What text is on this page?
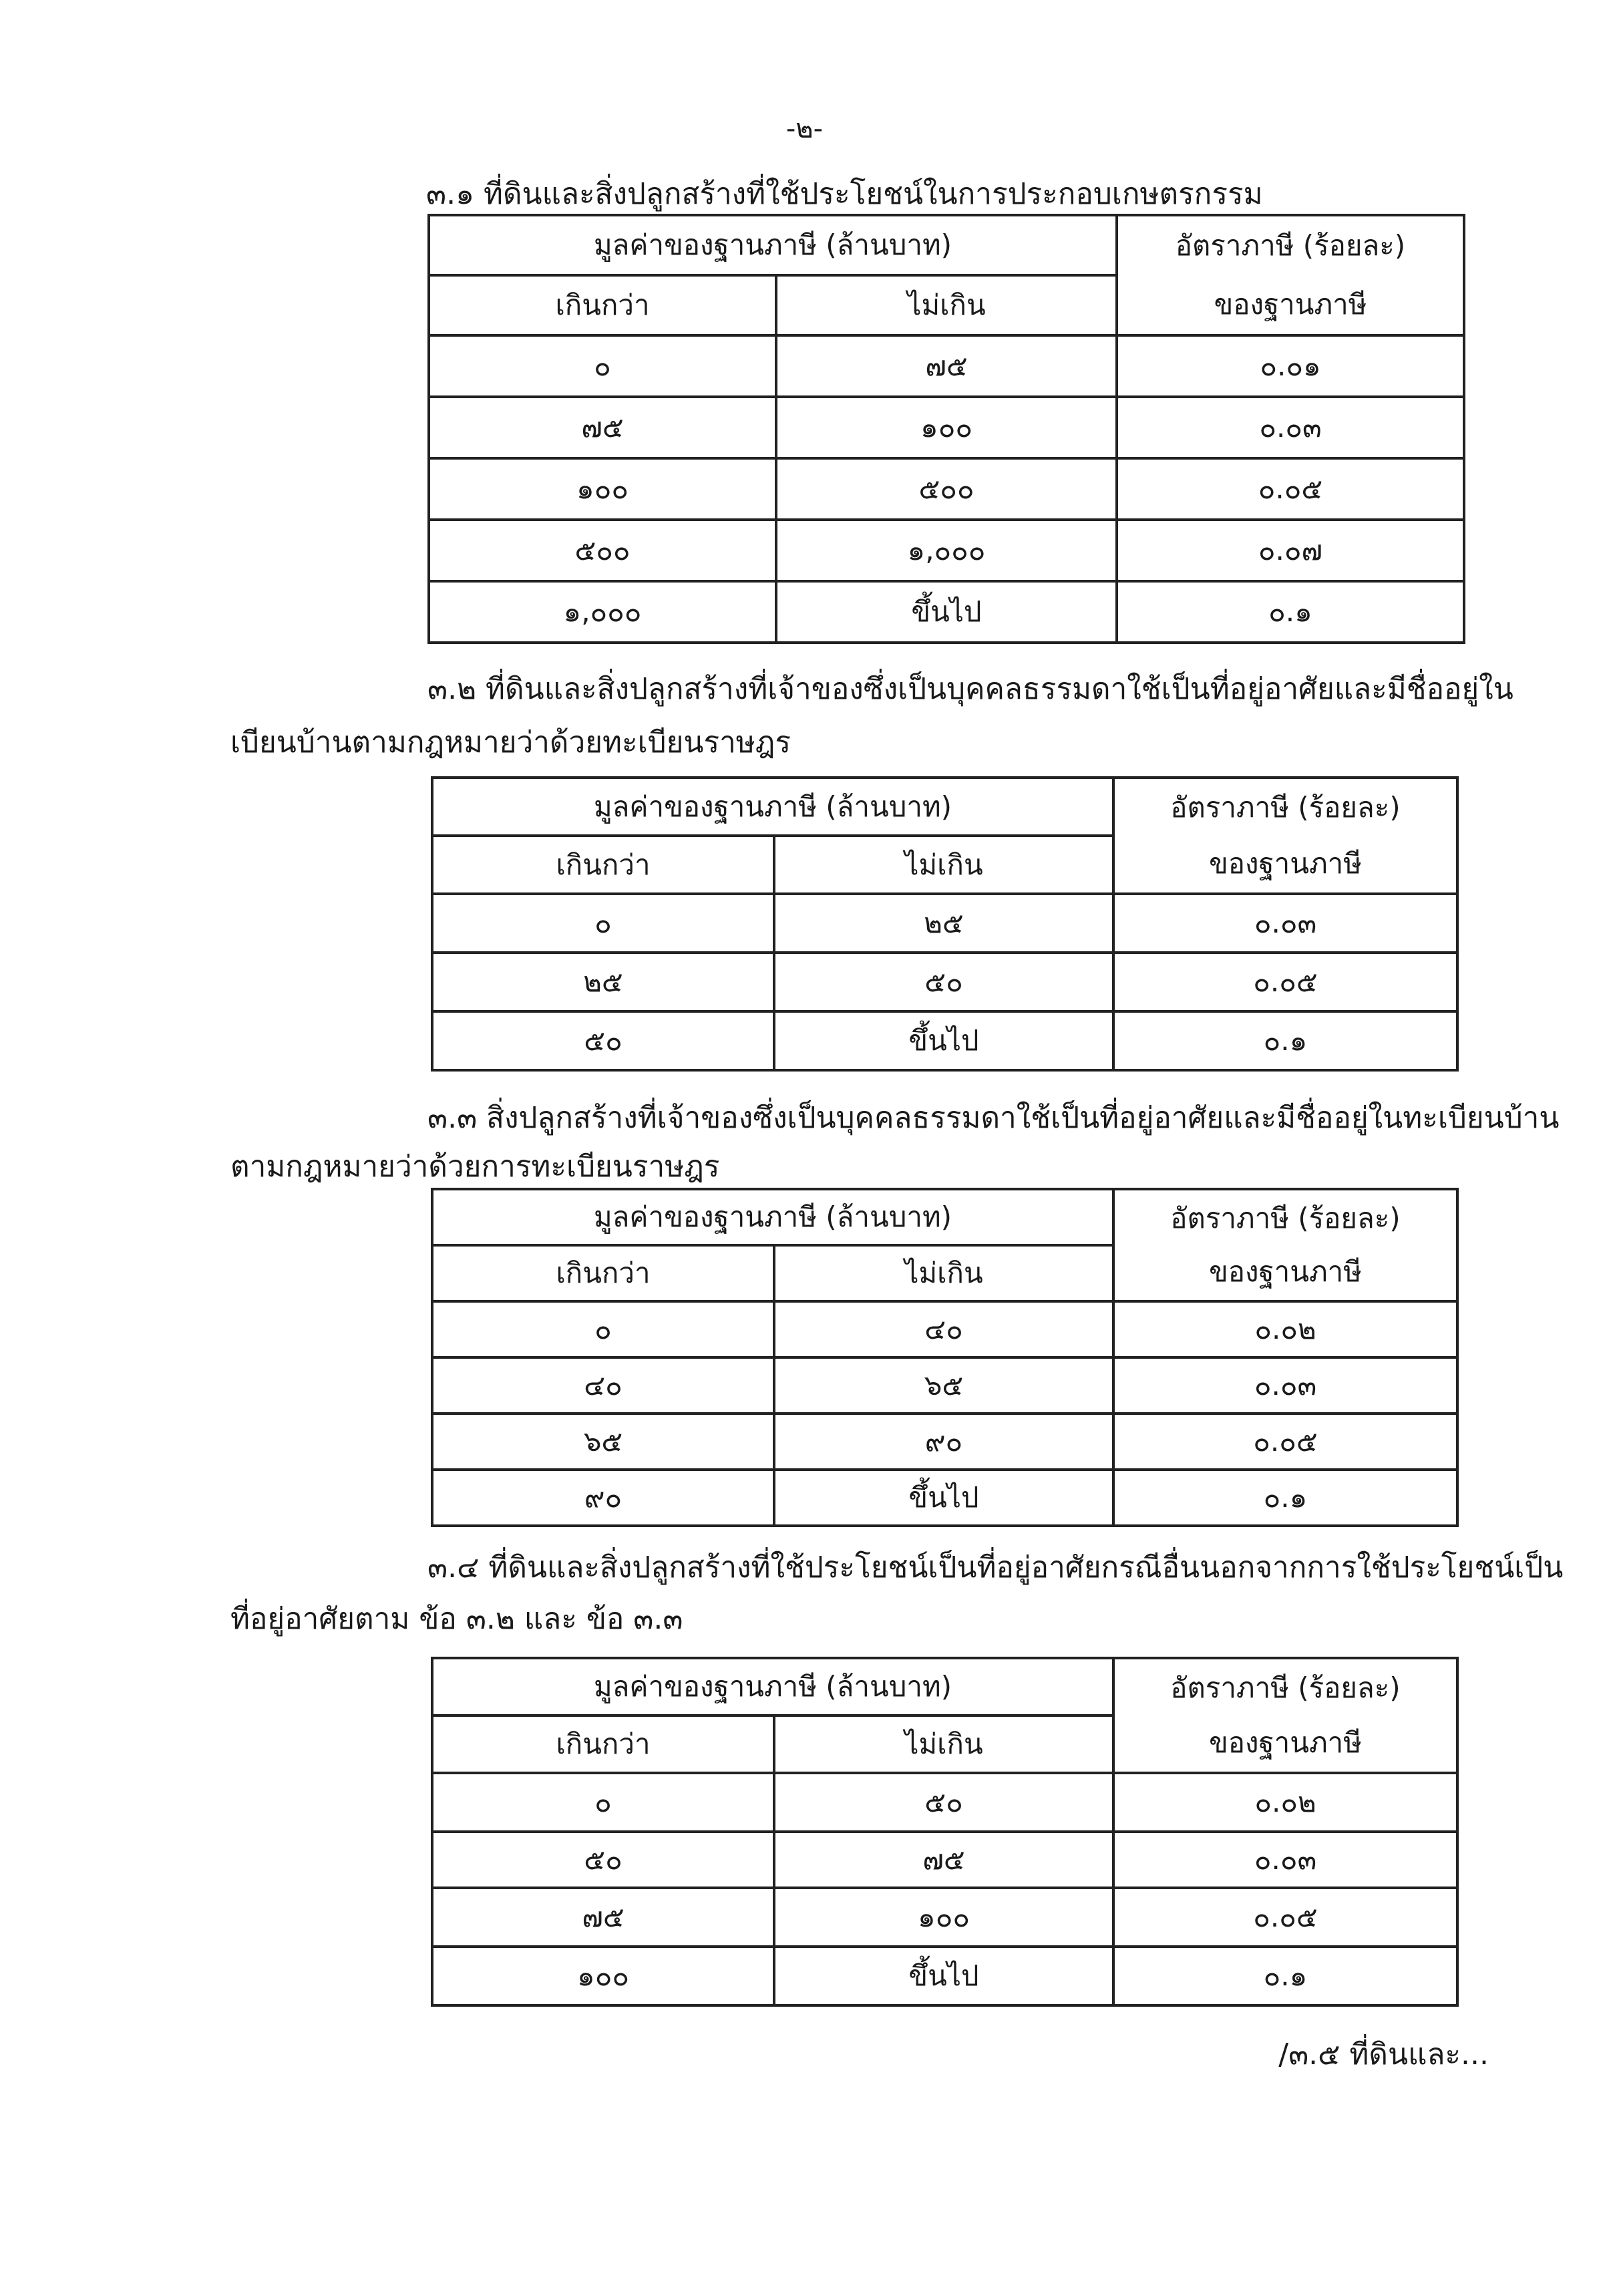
-๒-
๓.๑ ที่ดินและสิ่งปลูกสร้างที่ใช้ประโยชน์ในการประกอบเกษตรกรรม
มูลค่าของฐานภาษี (ล้านบาท)		อัตราภาษี (ร้อยละ)
ของฐานภาษี

เกินกว่า	ไม่เกิน	
๐	๗๕	๐.๐๑
๗๕	๑๐๐	๐.๐๓
๑๐๐	๕๐๐	๐.๐๕
๕๐๐	๑,๐๐๐	๐.๐๗
๑,๐๐๐	ขึ้นไป	๐.๑
๓.๒ ที่ดินและสิ่งปลูกสร้างที่เจ้าของซึ่งเป็นบุคคลธรรมดาใช้เป็นที่อยู่อาศัยและมีชื่ออยู่ใน
เบียนบ้านตามกฎหมายว่าด้วยทะเบียนราษฎร
มูลค่าของฐานภาษี (ล้านบาท)		อัตราภาษี (ร้อยละ)
ของฐานภาษี

เกินกว่า	ไม่เกิน	
๐	๒๕	๐.๐๓
๒๕	๕๐	๐.๐๕
๕๐	ขึ้นไป	๐.๑
๓.๓ สิ่งปลูกสร้างที่เจ้าของซึ่งเป็นบุคคลธรรมดาใช้เป็นที่อยู่อาศัยและมีชื่ออยู่ในทะเบียนบ้าน
ตามกฎหมายว่าด้วยการทะเบียนราษฎร
มูลค่าของฐานภาษี (ล้านบาท)		อัตราภาษี (ร้อยละ)
ของฐานภาษี

เกินกว่า	ไม่เกิน	
๐	๔๐	๐.๐๒
๔๐	๖๕	๐.๐๓
๖๕	๙๐	๐.๐๕
๙๐	ขึ้นไป	๐.๑
๓.๔ ที่ดินและสิ่งปลูกสร้างที่ใช้ประโยชน์เป็นที่อยู่อาศัยกรณีอื่นนอกจากการใช้ประโยชน์เป็น
ที่อยู่อาศัยตาม ข้อ ๓.๒ และ ข้อ ๓.๓
มูลค่าของฐานภาษี (ล้านบาท)		อัตราภาษี (ร้อยละ)
ของฐานภาษี

เกินกว่า	ไม่เกิน	
๐	๕๐	๐.๐๒
๕๐	๗๕	๐.๐๓
๗๕	๑๐๐	๐.๐๕
๑๐๐	ขึ้นไป	๐.๑
/๓.๕ ที่ดินและ...
